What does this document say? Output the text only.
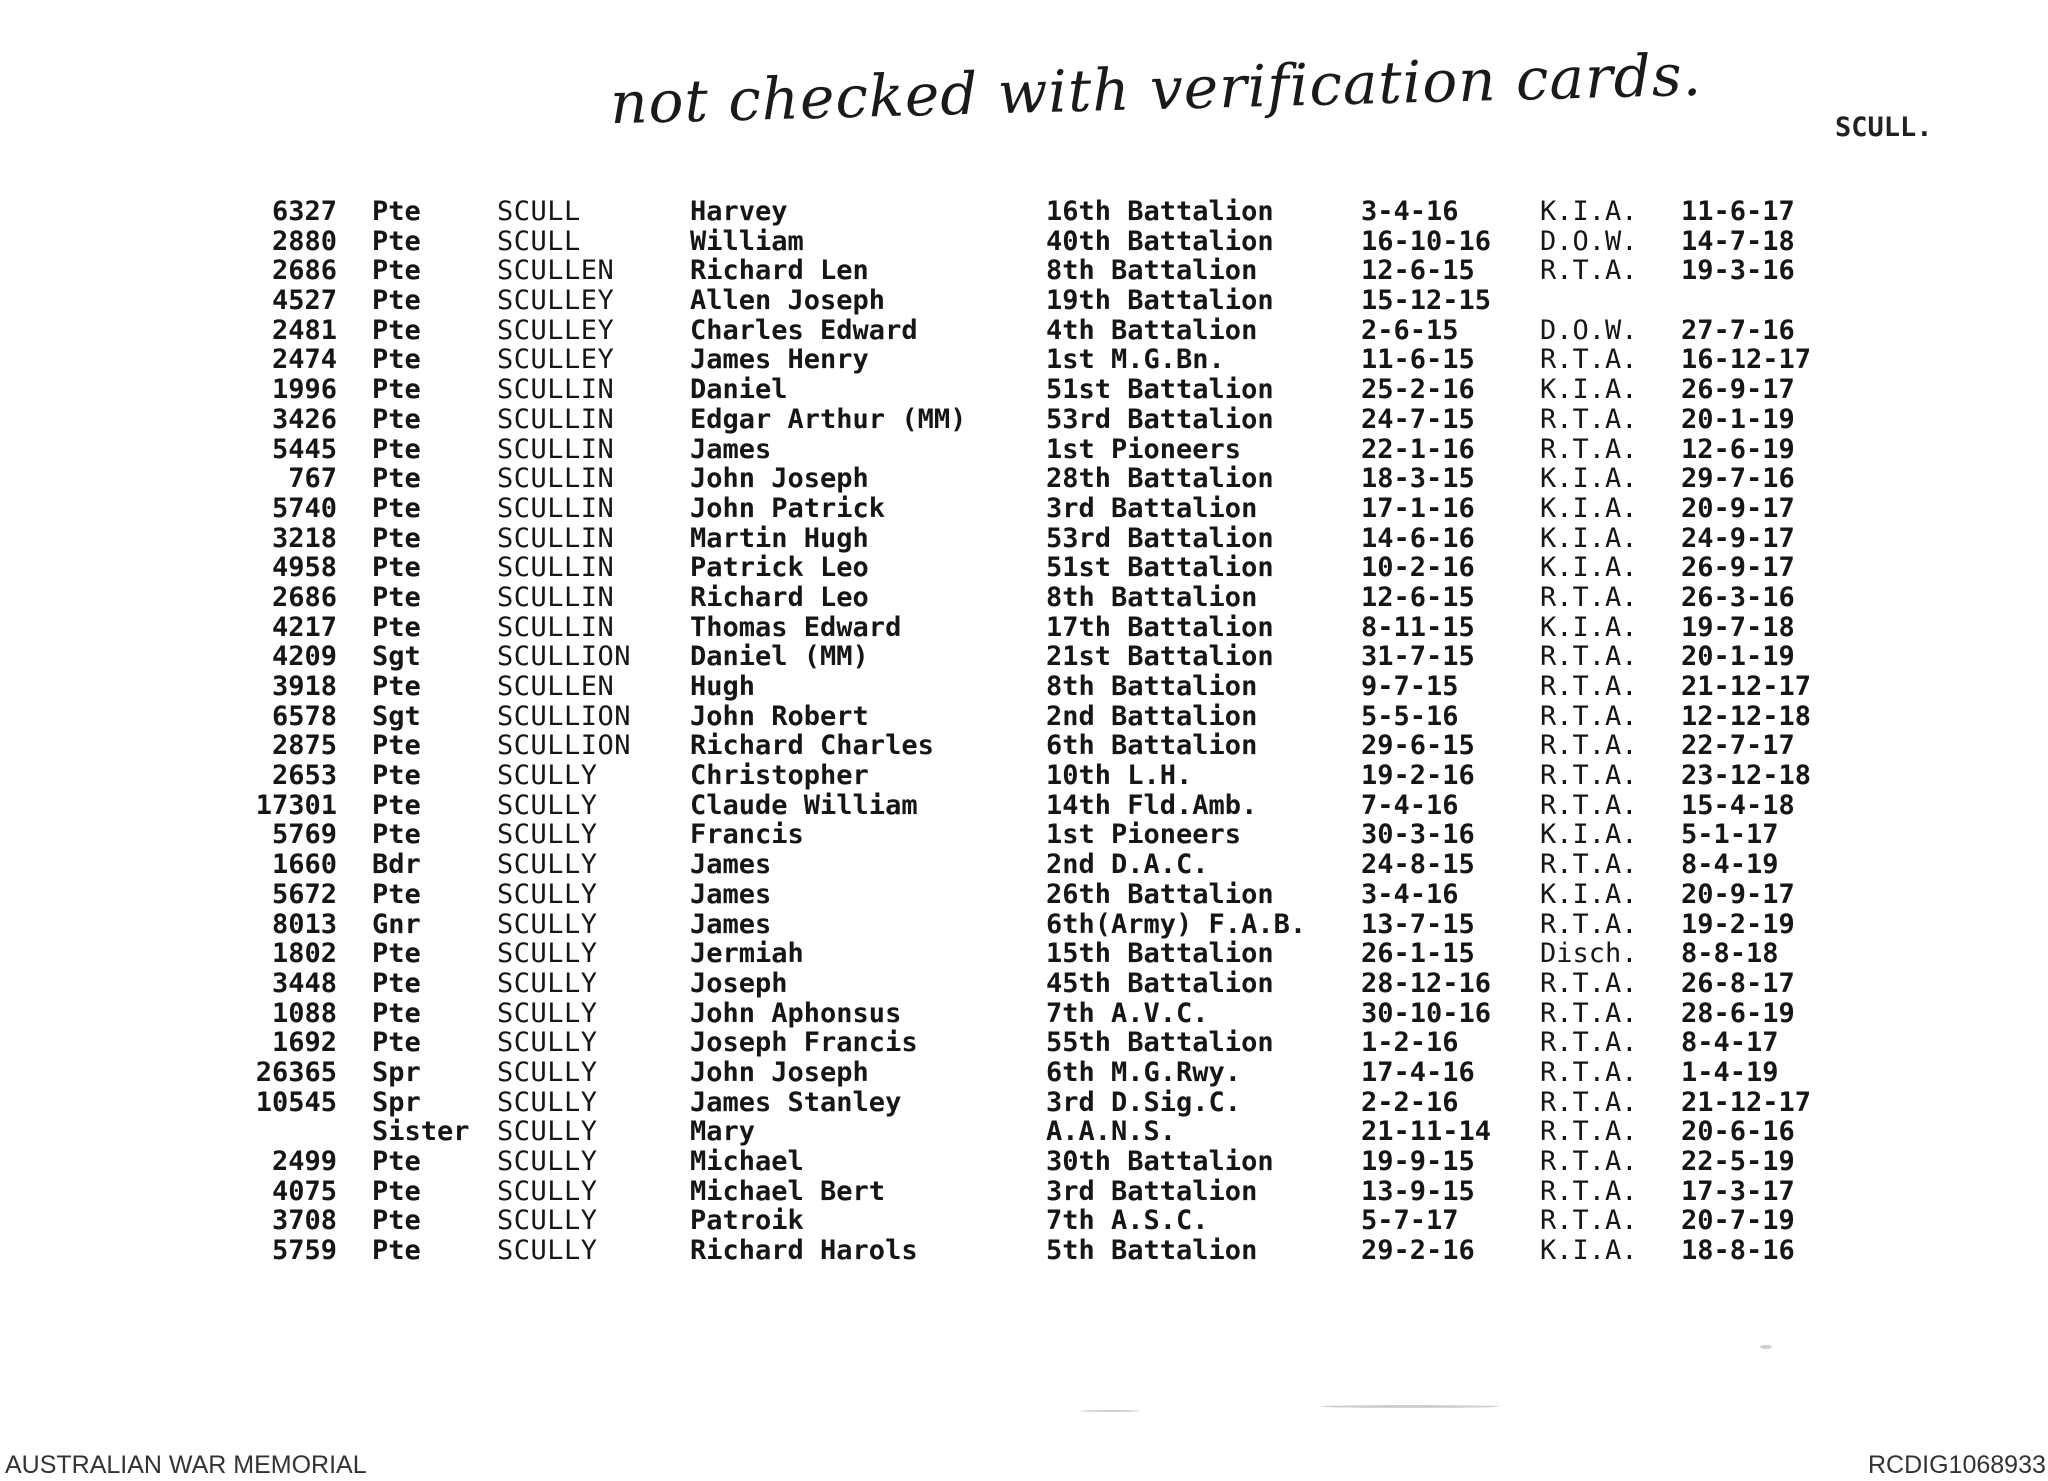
not checked with verification cards.	SCULL.
6327 Pte	SCULL	Harvey	16th Battalion	3-4-16	K.I.A. 11-6-17
2880 Pte	SCULL	William	40th Battalion	16-10-16 D.O.W. 14-7-18
2686 Pte	SCULLEN	Richard Len	8th Battalion	12-6-15 R.T.A. 19-3-16
4527 Pte	SCULLEY	Allen Joseph	19th Battalion	15-12-15
2481 Pte	SCULLEY	Charles Edward	4th Battalion	2-6-15	D.O.W. 27-7-16
2474 Pte	SCULLEY	James Henry	1st M.G.Bn.	11-6-15 R.T.A. 16-12-17
1996 Pte	SCULLIN	Daniel	51st Battalion	25-2-16 K.I.A. 26-9-17
3426 Pte	SCULLIN	Edgar Arthur (MM)	53rd Battalion	24-7-15 R.T.A. 20-1-19
5445 Pte	SCULLIN	James	1st Pioneers	22-1-16 R.T.A. 12-6-19
767 Pte	SCULLIN	John Joseph	28th Battalion	18-3-15 K.I.A. 29-7-16
5740 Pte	SCULLIN	John Patrick	3rd Battalion	17-1-16 K.I.A. 20-9-17
3218 Pte	SCULLIN	Martin Hugh	53rd Battalion	14-6-16 K.I.A. 24-9-17
4958 Pte	SCULLIN	Patrick Leo	51st Battalion	10-2-16 K.I.A. 26-9-17
2686 Pte	SCULLIN	Richard Leo	8th Battalion	12-6-15 R.T.A. 26-3-16
4217 Pte	SCULLIN	Thomas Edward	17th Battalion	8-11-15 K.I.A. 19-7-18
4209 Sgt	SCULLION Daniel (MM)	21st Battalion	31-7-15 R.T.A. 20-1-19
3918 Pte	SCULLEN	Hugh	8th Battalion	9-7-15	R.T.A. 21-12-17
6578 Sgt	SCULLION John Robert	2nd Battalion	5-5-16	R.T.A. 12-12-18
2875 Pte	SCULLION Richard Charles	6th Battalion	29-6-15 R.T.A. 22-7-17
2653 Pte	SCULLY	Christopher	10th L.H.	19-2-16 R.T.A. 23-12-18
17301 Pte	SCULLY	Claude William	14th Fld.Amb.	7-4-16	R.T.A. 15-4-18
5769 Pte	SCULLY	Francis	1st Pioneers	30-3-16 K.I.A. 5-1-17
1660 Bdr	SCULLY	James	2nd D.A.C.	24-8-15 R.T.A. 8-4-19
5672 Pte	SCULLY	James	26th Battalion	3-4-16	K.I.A. 20-9-17
8013 Gnr	SCULLY	James	6th(Army) F.A.B. 13-7-15 R.T.A. 19-2-19
1802 Pte	SCULLY	Jermiah	15th Battalion	26-1-15 Disch. 8-8-18
3448 Pte	SCULLY	Joseph	45th Battalion	28-12-16 R.T.A. 26-8-17
1088 Pte	SCULLY	John Aphonsus	7th A.V.C.	30-10-16 R.T.A. 28-6-19
1692 Pte	SCULLY	Joseph Francis	55th Battalion	1-2-16	R.T.A. 8-4-17
26365 Spr	SCULLY	John Joseph	6th M.G.Rwy.	17-4-16 R.T.A. 1-4-19
10545 Spr	SCULLY	James Stanley	3rd D.Sig.C.	2-2-16	R.T.A. 21-12-17
Sister SCULLY	Mary	A.A.N.S.	21-11-14 R.T.A. 20-6-16
2499 Pte	SCULLY	Michael	30th Battalion	19-9-15 R.T.A. 22-5-19
4075 Pte	SCULLY	Michael Bert	3rd Battalion	13-9-15 R.T.A. 17-3-17
3708 Pte	SCULLY	Patroik	7th A.S.C.	5-7-17	R.T.A. 20-7-19
5759 Pte	SCULLY	Richard Harols	5th Battalion	29-2-16 K.I.A. 18-8-16
AUSTRALIAN WAR MEMORIAL	RCDIG1068933
